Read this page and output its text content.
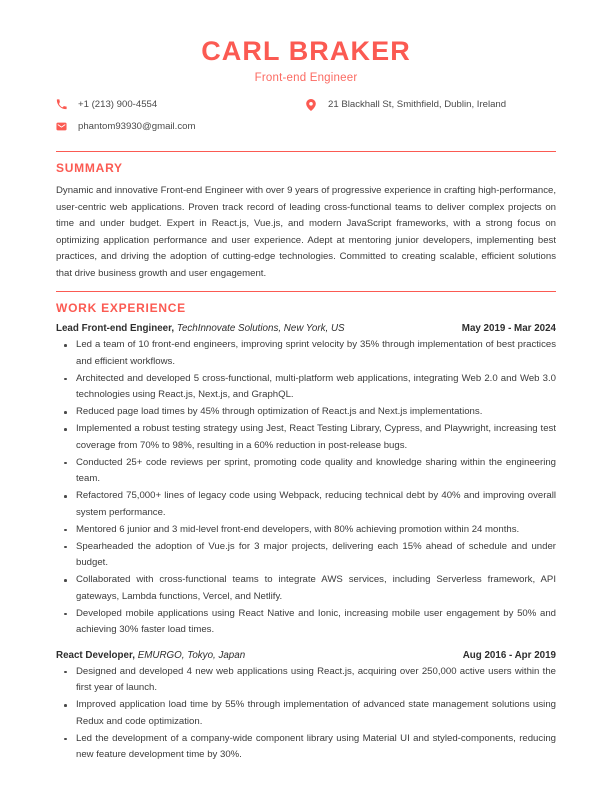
CARL BRAKER
Front-end Engineer
+1 (213) 900-4554	21 Blackhall St, Smithfield, Dublin, Ireland
phantom93930@gmail.com
SUMMARY

Dynamic and innovative Front-end Engineer with over 9 years of progressive experience in crafting high-performance, user-centric web applications. Proven track record of leading cross-functional teams to deliver complex projects on time and under budget. Expert in React.js, Vue.js, and modern JavaScript frameworks, with a strong focus on optimizing application performance and user experience. Adept at mentoring junior developers, implementing best practices, and driving the adoption of cutting-edge technologies. Committed to creating scalable, efficient solutions that drive business growth and user engagement.

WORK EXPERIENCE
Lead Front-end Engineer, TechInnovate Solutions, New York, US	May 2019 - Mar 2024
Led a team of 10 front-end engineers, improving sprint velocity by 35% through implementation of best practices and efficient workflows.
Architected and developed 5 cross-functional, multi-platform web applications, integrating Web 2.0 and Web 3.0 technologies using React.js, Next.js, and GraphQL.
Reduced page load times by 45% through optimization of React.js and Next.js implementations.
Implemented a robust testing strategy using Jest, React Testing Library, Cypress, and Playwright, increasing test coverage from 70% to 98%, resulting in a 60% reduction in post-release bugs.
Conducted 25+ code reviews per sprint, promoting code quality and knowledge sharing within the engineering team.
Refactored 75,000+ lines of legacy code using Webpack, reducing technical debt by 40% and improving overall system performance.
Mentored 6 junior and 3 mid-level front-end developers, with 80% achieving promotion within 24 months.
Spearheaded the adoption of Vue.js for 3 major projects, delivering each 15% ahead of schedule and under budget.
Collaborated with cross-functional teams to integrate AWS services, including Serverless framework, API gateways, Lambda functions, Vercel, and Netlify.
Developed mobile applications using React Native and Ionic, increasing mobile user engagement by 50% and achieving 30% faster load times.
React Developer, EMURGO, Tokyo, Japan	Aug 2016 - Apr 2019
Designed and developed 4 new web applications using React.js, acquiring over 250,000 active users within the first year of launch.
Improved application load time by 55% through implementation of advanced state management solutions using Redux and code optimization.
Led the development of a company-wide component library using Material UI and styled-components, reducing new feature development time by 30%.
